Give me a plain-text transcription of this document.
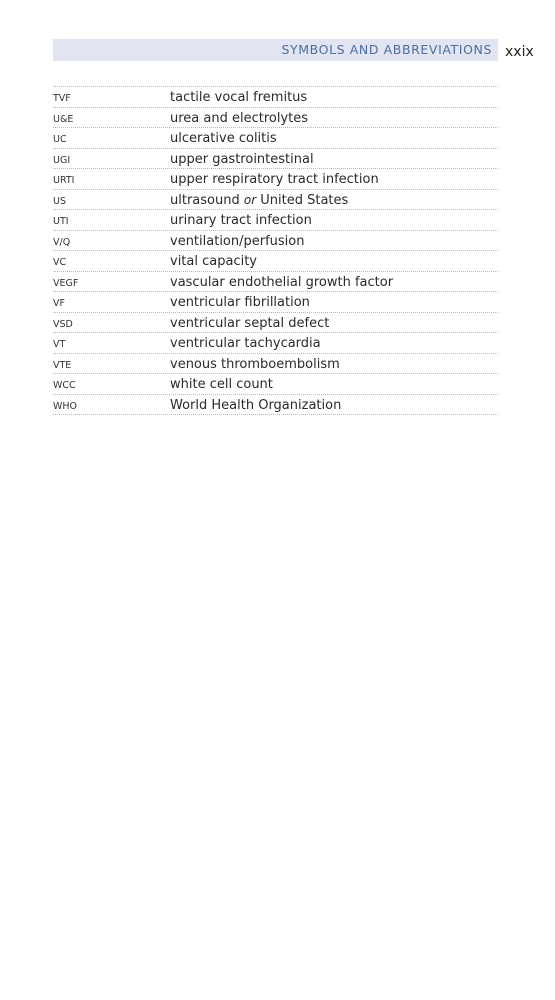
SYMBOLS AND ABBREVIATIONS xxix
TVF	tactile vocal fremitus
U&E	urea and electrolytes
UC	ulcerative colitis
UGI	upper gastrointestinal
URTI	upper respiratory tract infection
US	ultrasound or United States
UTI	urinary tract infection
V/Q	ventilation/perfusion
VC	vital capacity
VEGF	vascular endothelial growth factor
VF	ventricular fibrillation
VSD	ventricular septal defect
VT	ventricular tachycardia
VTE	venous thromboembolism
WCC	white cell count
WHO	World Health Organization
